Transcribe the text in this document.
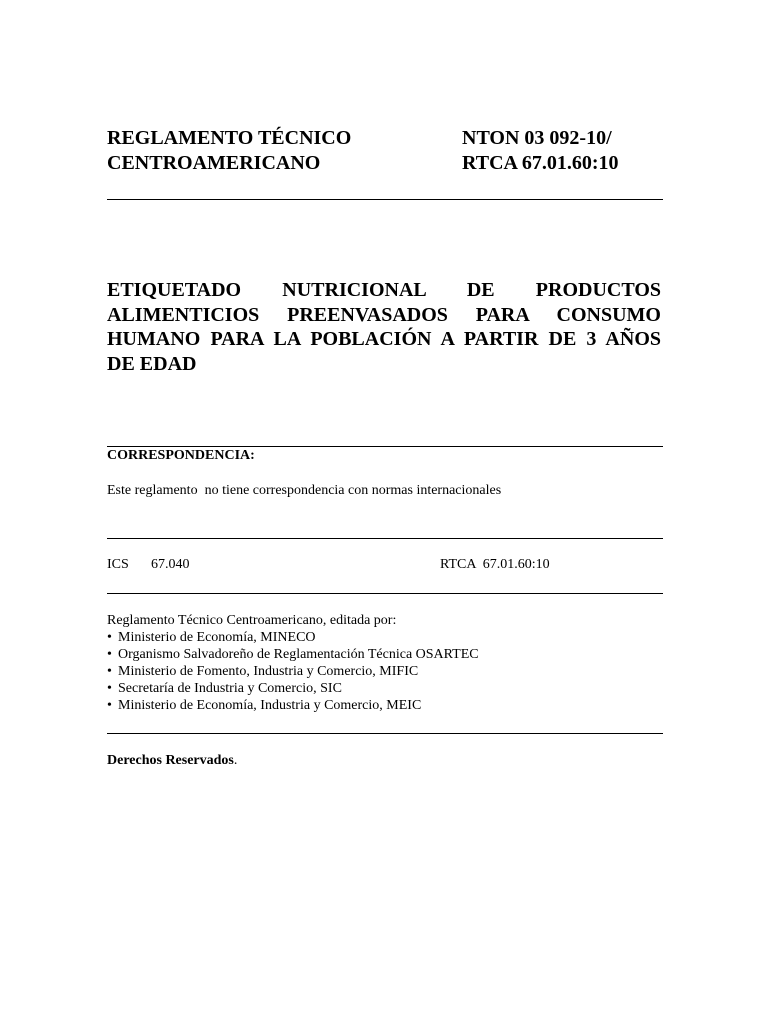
REGLAMENTO TÉCNICO
CENTROAMERICANO
NTON 03 092-10/
RTCA 67.01.60:10
ETIQUETADO NUTRICIONAL DE PRODUCTOS
ALIMENTICIOS PREENVASADOS PARA CONSUMO
HUMANO PARA LA POBLACIÓN A PARTIR DE 3 AÑOS
DE EDAD
CORRESPONDENCIA:
Este reglamento  no tiene correspondencia con normas internacionales
ICS 67.040	RTCA  67.01.60:10
Reglamento Técnico Centroamericano, editada por:
• Ministerio de Economía, MINECO
• Organismo Salvadoreño de Reglamentación Técnica OSARTEC
• Ministerio de Fomento, Industria y Comercio, MIFIC
• Secretaría de Industria y Comercio, SIC
• Ministerio de Economía, Industria y Comercio, MEIC
Derechos Reservados.
